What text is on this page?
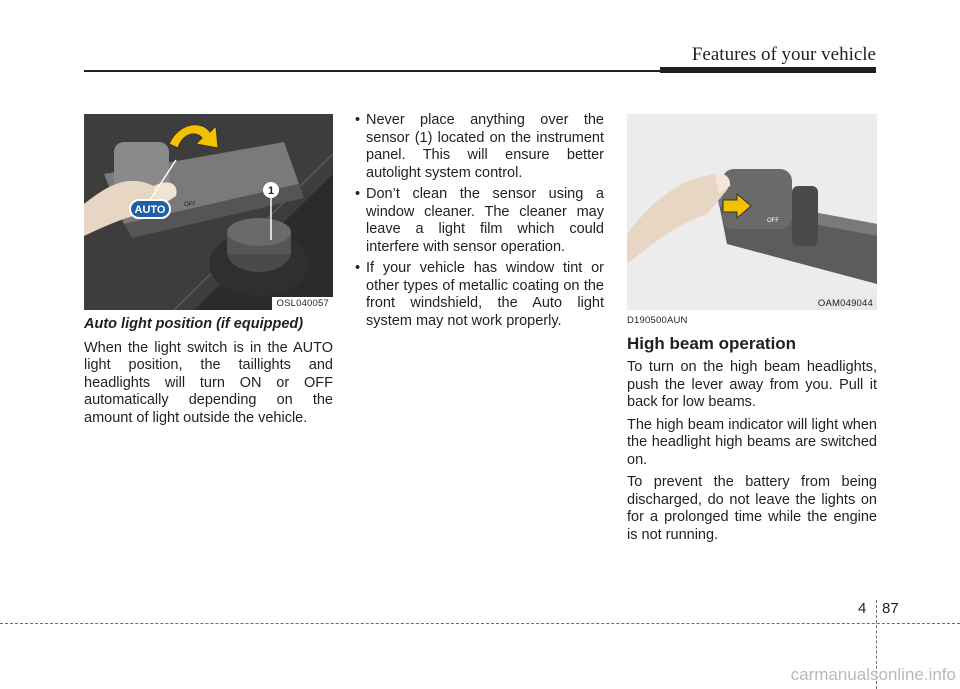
Features of your vehicle
OFF
AUTO
1
OSL040057
OFF
OAM049044
Auto light position (if equipped)

When the light switch is in the AUTO light position, the taillights and headlights will turn ON or OFF automatically depending on the amount of light outside the vehicle.

• Never place anything over the sensor (1) located on the instrument panel. This will ensure better autolight system control.
• Don’t clean the sensor using a window cleaner. The cleaner may leave a light film which could interfere with sensor operation.
• If your vehicle has window tint or other types of metallic coating on the front windshield, the Auto light system may not work properly.	D190500AUN
High beam operation

To turn on the high beam headlights, push the lever away from you. Pull it back for low beams.

The high beam indicator will light when the headlight high beams are switched on.

To prevent the battery from being discharged, do not leave the lights on for a prolonged time while the engine is not running.

4 87
carmanualsonline.info
